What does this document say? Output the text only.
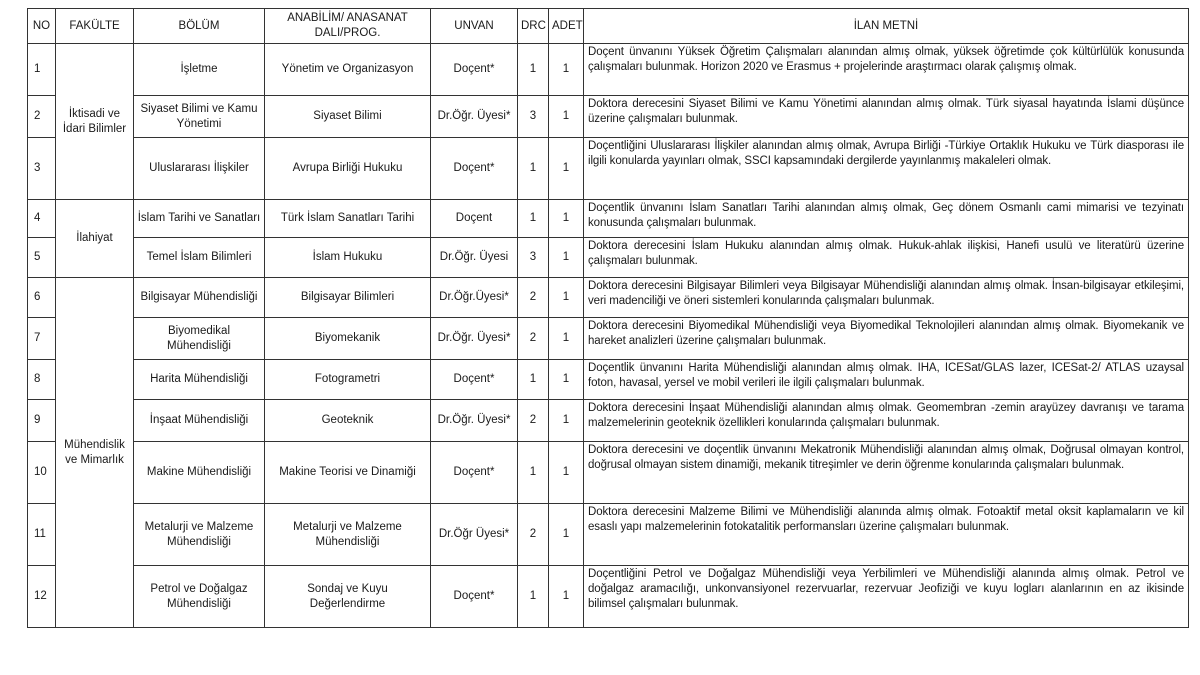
NO	FAKÜLTE	BÖLÜM	ANABİLİM/ ANASANAT DALI/PROG.	UNVAN	DRC	ADET	İLAN METNİ
1	İktisadi ve İdari Bilimler	İşletme	Yönetim ve Organizasyon	Doçent*	1	1	Doçent ünvanını Yüksek Öğretim Çalışmaları alanından almış olmak, yüksek öğretimde çok kültürlülük konusunda çalışmaları bulunmak. Horizon 2020 ve Erasmus + projelerinde araştırmacı olarak çalışmış olmak.
2		Siyaset Bilimi ve Kamu Yönetimi	Siyaset Bilimi	Dr.Öğr. Üyesi*	3	1	Doktora derecesini Siyaset Bilimi ve Kamu Yönetimi alanından almış olmak. Türk siyasal hayatında İslami düşünce üzerine çalışmaları bulunmak.
3		Uluslararası İlişkiler	Avrupa Birliği Hukuku	Doçent*	1	1	Doçentliğini Uluslararası İlişkiler alanından almış olmak, Avrupa Birliği -Türkiye Ortaklık Hukuku ve Türk diasporası ile ilgili konularda yayınları olmak, SSCI kapsamındaki dergilerde yayınlanmış makaleleri olmak.
4	İlahiyat	İslam Tarihi ve Sanatları	Türk İslam Sanatları Tarihi	Doçent	1	1	Doçentlik ünvanını İslam Sanatları Tarihi alanından almış olmak, Geç dönem Osmanlı cami mimarisi ve tezyinatı konusunda çalışmaları bulunmak.
5		Temel İslam Bilimleri	İslam Hukuku	Dr.Öğr. Üyesi	3	1	Doktora derecesini İslam Hukuku alanından almış olmak. Hukuk-ahlak ilişkisi, Hanefi usulü ve literatürü üzerine çalışmaları bulunmak.
6	Mühendislik ve Mimarlık	Bilgisayar Mühendisliği	Bilgisayar Bilimleri	Dr.Öğr.Üyesi*	2	1	Doktora derecesini Bilgisayar Bilimleri veya Bilgisayar Mühendisliği alanından almış olmak. İnsan-bilgisayar etkileşimi, veri madenciliği ve öneri sistemleri konularında çalışmaları bulunmak.
7		Biyomedikal Mühendisliği	Biyomekanik	Dr.Öğr. Üyesi*	2	1	Doktora derecesini Biyomedikal Mühendisliği veya Biyomedikal Teknolojileri alanından almış olmak. Biyomekanik ve hareket analizleri üzerine çalışmaları bulunmak.
8		Harita Mühendisliği	Fotogrametri	Doçent*	1	1	Doçentlik ünvanını Harita Mühendisliği alanından almış olmak. IHA, ICESat/GLAS lazer, ICESat-2/ ATLAS uzaysal foton, havasal, yersel ve mobil verileri ile ilgili çalışmaları bulunmak.
9		İnşaat Mühendisliği	Geoteknik	Dr.Öğr. Üyesi*	2	1	Doktora derecesini İnşaat Mühendisliği alanından almış olmak. Geomembran -zemin arayüzey davranışı ve tarama malzemelerinin geoteknik özellikleri konularında çalışmaları bulunmak.
10		Makine Mühendisliği	Makine Teorisi ve Dinamiği	Doçent*	1	1	Doktora derecesini ve doçentlik ünvanını Mekatronik Mühendisliği alanından almış olmak, Doğrusal olmayan kontrol, doğrusal olmayan sistem dinamiği, mekanik titreşimler ve derin öğrenme konularında çalışmaları bulunmak.
11		Metalurji ve Malzeme Mühendisliği	Metalurji ve Malzeme Mühendisliği	Dr.Öğr Üyesi*	2	1	Doktora derecesini Malzeme Bilimi ve Mühendisliği alanında almış olmak. Fotoaktif metal oksit kaplamaların ve kil esaslı yapı malzemelerinin fotokatalitik performansları üzerine çalışmaları bulunmak.
12		Petrol ve Doğalgaz Mühendisliği	Sondaj ve Kuyu Değerlendirme	Doçent*	1	1	Doçentliğini Petrol ve Doğalgaz Mühendisliği veya Yerbilimleri ve Mühendisliği alanında almış olmak. Petrol ve doğalgaz aramacılığı, unkonvansiyonel rezervuarlar, rezervuar Jeofiziği ve kuyu logları alanlarının en az ikisinde bilimsel çalışmaları bulunmak.
